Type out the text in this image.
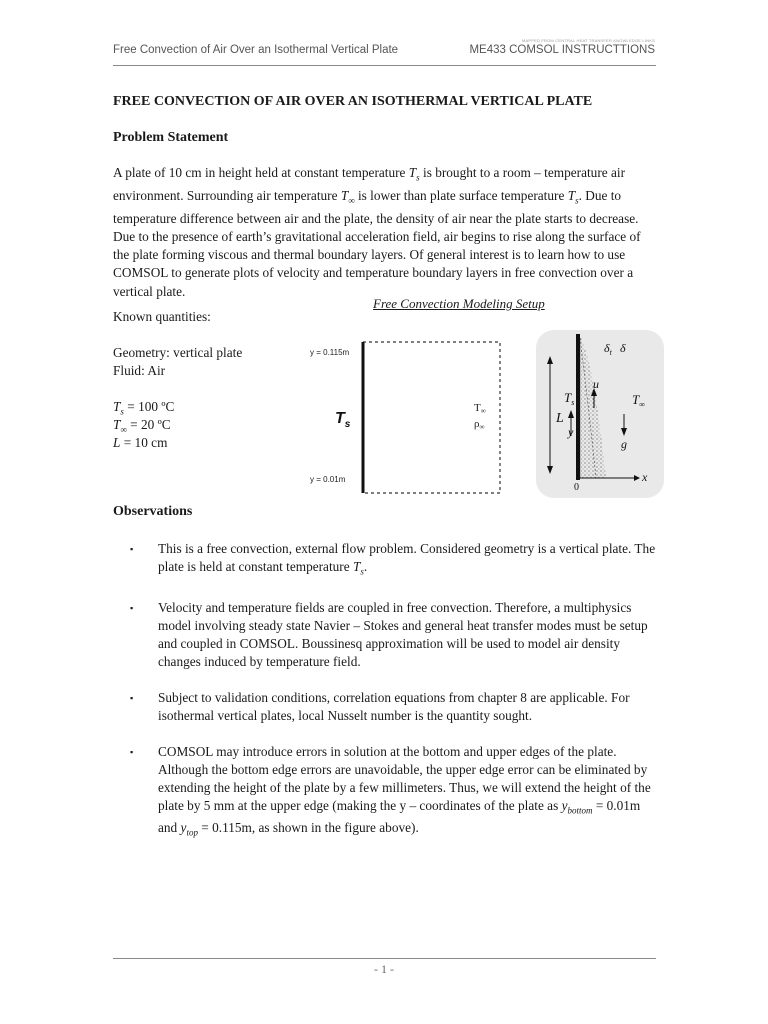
Free Convection of Air Over an Isothermal Vertical Plate
MAPPED FROM CENTRAL HEAT TRANSFER KNOWLEDGE LINKS
ME433 COMSOL INSTRUCTTIONS
FREE CONVECTION OF AIR OVER AN ISOTHERMAL VERTICAL PLATE
Problem Statement

A plate of 10 cm in height held at constant temperature $T_s$ is brought to a room – temperature air environment. Surrounding air temperature $T_\infty$ is lower than plate surface temperature $T_s$. Due to temperature difference between air and the plate, the density of air near the plate starts to decrease. Due to the presence of earth’s gravitational acceleration field, air begins to rise along the surface of the plate forming viscous and thermal boundary layers. Of general interest is to learn how to use COMSOL to generate plots of velocity and temperature boundary layers in free convection over a vertical plate.

Free Convection Modeling Setup
Known quantities:
Geometry: vertical plate
Fluid: Air
$T_s = 100$ ºC
$T_\infty = 20$ ºC
L = 10 cm
y = 0.115m
y = 0.01m
$T_s$
T∞
ρ∞
$\delta_t$ δ
$T_s$
u
$T_\infty$
L
y
g
0
x
Observations
▪ This is a free convection, external flow problem. Considered geometry is a vertical plate. The plate is held at constant temperature $T_s$.
▪ Velocity and temperature fields are coupled in free convection. Therefore, a multiphysics model involving steady state Navier – Stokes and general heat transfer modes must be setup and coupled in COMSOL. Boussinesq approximation will be used to model air density changes induced by temperature field.
▪ Subject to validation conditions, correlation equations from chapter 8 are applicable. For isothermal vertical plates, local Nusselt number is the quantity sought.
▪ COMSOL may introduce errors in solution at the bottom and upper edges of the plate. Although the bottom edge errors are unavoidable, the upper edge error can be eliminated by extending the height of the plate by a few millimeters. Thus, we will extend the height of the plate by 5 mm at the upper edge (making the y – coordinates of the plate as $y_{bottom} = 0.01m$ and $y_{top} = 0.115m$, as shown in the figure above).
- 1 -
